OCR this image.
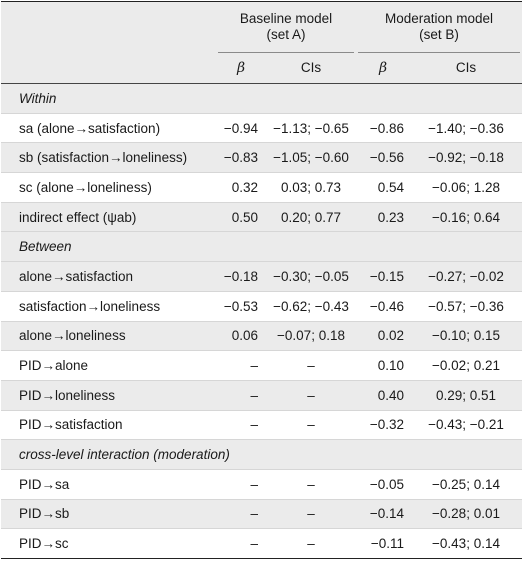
	Baseline model
(set A)		Moderation model
(set B)	

	β	CIs	β	CIs
Within				
sa (alone→satisfaction)	−0.94	−1.13; −0.65	−0.86	−1.40; −0.36
sb (satisfaction→loneliness)	−0.83	−1.05; −0.60	−0.56	−0.92; −0.18
sc (alone→loneliness)	0.32	0.03; 0.73	0.54	−0.06; 1.28
indirect effect (ψab)	0.50	0.20; 0.77	0.23	−0.16; 0.64
Between				
alone→satisfaction	−0.18	−0.30; −0.05	−0.15	−0.27; −0.02
satisfaction→loneliness	−0.53	−0.62; −0.43	−0.46	−0.57; −0.36
alone→loneliness	0.06	−0.07; 0.18	0.02	−0.10; 0.15
PID→alone	–	–	0.10	−0.02; 0.21
PID→loneliness	–	–	0.40	0.29; 0.51
PID→satisfaction	–	–	−0.32	−0.43; −0.21
cross-level interaction (moderation)				
PID→sa	–	–	−0.05	−0.25; 0.14
PID→sb	–	–	−0.14	−0.28; 0.01
PID→sc	–	–	−0.11	−0.43; 0.14
